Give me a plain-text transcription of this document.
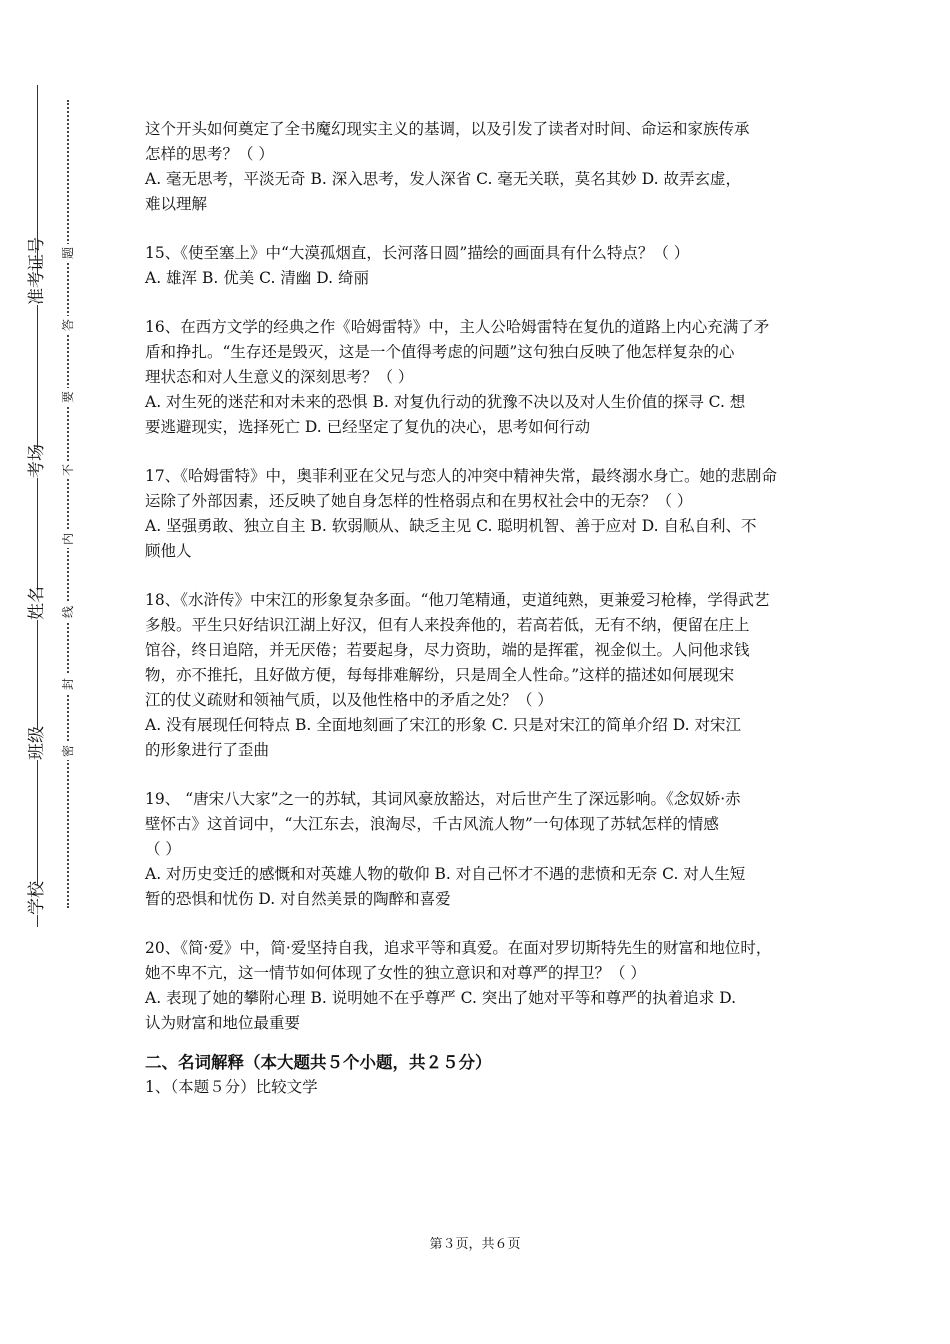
学校
班级
姓名
考场
准考证号
密
封
线
内
不
要
答
题
这个开头如何奠定了全书魔幻现实主义的基调，以及引发了读者对时间、命运和家族传承
怎样的思考？（ ）
A. 毫无思考，平淡无奇 B. 深入思考，发人深省 C. 毫无关联，莫名其妙 D. 故弄玄虚，
难以理解
15、《使至塞上》中“大漠孤烟直，长河落日圆”描绘的画面具有什么特点？（ ）
A. 雄浑 B. 优美 C. 清幽 D. 绮丽
16、在西方文学的经典之作《哈姆雷特》中，主人公哈姆雷特在复仇的道路上内心充满了矛
盾和挣扎。“生存还是毁灭，这是一个值得考虑的问题”这句独白反映了他怎样复杂的心
理状态和对人生意义的深刻思考？（ ）
A. 对生死的迷茫和对未来的恐惧 B. 对复仇行动的犹豫不决以及对人生价值的探寻 C. 想
要逃避现实，选择死亡 D. 已经坚定了复仇的决心，思考如何行动
17、《哈姆雷特》中，奥菲利亚在父兄与恋人的冲突中精神失常，最终溺水身亡。她的悲剧命
运除了外部因素，还反映了她自身怎样的性格弱点和在男权社会中的无奈？（ ）
A. 坚强勇敢、独立自主 B. 软弱顺从、缺乏主见 C. 聪明机智、善于应对 D. 自私自利、不
顾他人
18、《水浒传》中宋江的形象复杂多面。“他刀笔精通，吏道纯熟，更兼爱习枪棒，学得武艺
多般。平生只好结识江湖上好汉，但有人来投奔他的，若高若低，无有不纳，便留在庄上
馆谷，终日追陪，并无厌倦；若要起身，尽力资助，端的是挥霍，视金似土。人问他求钱
物，亦不推托，且好做方便，每每排难解纷，只是周全人性命。”这样的描述如何展现宋
江的仗义疏财和领袖气质，以及他性格中的矛盾之处？（ ）
A. 没有展现任何特点 B. 全面地刻画了宋江的形象 C. 只是对宋江的简单介绍 D. 对宋江
的形象进行了歪曲
19、 “唐宋八大家”之一的苏轼，其词风豪放豁达，对后世产生了深远影响。《念奴娇·赤
壁怀古》这首词中，“大江东去，浪淘尽，千古风流人物”一句体现了苏轼怎样的情感
（ ）
A. 对历史变迁的感慨和对英雄人物的敬仰 B. 对自己怀才不遇的悲愤和无奈 C. 对人生短
暂的恐惧和忧伤 D. 对自然美景的陶醉和喜爱
20、《简·爱》中，简·爱坚持自我，追求平等和真爱。在面对罗切斯特先生的财富和地位时，
她不卑不亢，这一情节如何体现了女性的独立意识和对尊严的捍卫？（ ）
A. 表现了她的攀附心理 B. 说明她不在乎尊严 C. 突出了她对平等和尊严的执着追求 D.
认为财富和地位最重要
二、名词解释（本大题共５个小题，共２５分）
1、（本题５分）比较文学
第３页，共６页
